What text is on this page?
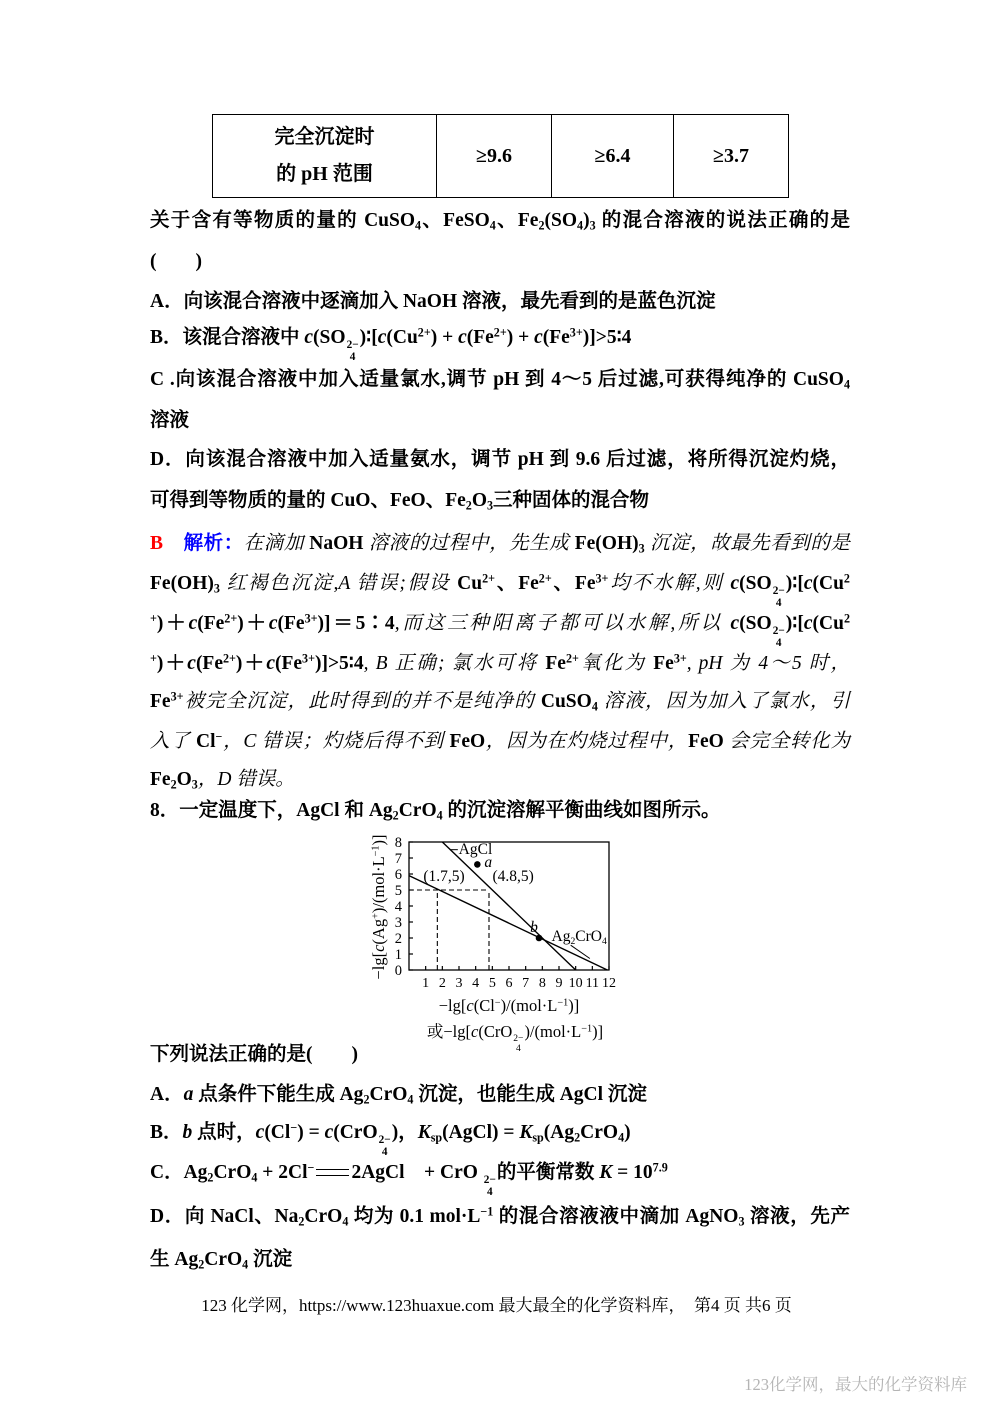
完全沉淀时
的 pH 范围
≥9.6	≥6.4	≥3.7
关于含有等物质的量的 CuSO$_4$、FeSO$_4$、$Fe_2(SO_4)_3$ 的混合溶液的说法正确的是
(　　)
A．向该混合溶液中逐滴加入 NaOH 溶液，最先看到的是蓝色沉淀
B．该混合溶液中 c(SO 2−
4
)$∶[c(Cu^{2+}) + c(Fe^{2+})$ + $c(Fe^{3+})]>5∶4$
C .向该混合溶液中加入适量氯水,调节 pH 到 4～5 后过滤,可获得纯净的 CuSO$_4$
溶液
D．向该混合溶液中加入适量氨水，调节 pH 到 9.6 后过滤，将所得沉淀灼烧，
可得到等物质的量的 CuO、FeO、$Fe_2O_3$三种固体的混合物
B　 解析：在滴加 NaOH 溶液的过程中，先生成 $Fe(OH)_3$ 沉淀，故最先看到的是
$Fe(OH)_3$ 红褐色沉淀,A 错误;假设 $Cu^{2+}$、$Fe^{2+}$、$Fe^{3+}$均不水解,则 c(SO 2−
4
)∶[c(Cu$^2$
$^+)+c(Fe^{2+})+c(Fe^{3+})]=5∶4$,而这三种阳离子都可以水解,所以 c(SO 2−
4
)∶[c(Cu$^2$
$^+)+c(Fe^{2+})+c(Fe^{3+})]>5∶4$, B 正确; 氯水可将 $Fe^{2+}$氧化为 $Fe^{3+}$, pH 为 4～5 时，
$Fe^{3+}$被完全沉淀，此时得到的并不是纯净的 CuSO$_4$ 溶液，因为加入了氯水，引
入了 Cl−，C 错误；灼烧后得不到 FeO，因为在灼烧过程中，FeO 会完全转化为
$Fe_2O_3$，D 错误。
8．一定温度下，AgCl 和 $Ag_2CrO_4$ 的沉淀溶解平衡曲线如图所示。
下列说法正确的是(　　)
A．a 点条件下能生成 $Ag_2CrO_4$ 沉淀，也能生成 AgCl 沉淀
B．b 点时，c(Cl−) = c(CrO 2−
4
)，$K_{sp}(AgCl) = K_{sp}(Ag_2CrO_4)$
C．$Ag_2CrO_4 + 2Cl^-$ 2AgCl　+ CrO 2−
4
的平衡常数 $K = 10^{7.9}$
D．向 NaCl、$Na_2CrO_4$ 均为 0.1 $mol\cdot L^{-1}$ 的混合溶液液中滴加 AgNO$_3$ 溶液，先产
生 $Ag_2CrO_4$ 沉淀
$-\lg[c(Ag^+)/(mol\cdot L^{-1})]$
$-\lg[c(Cl^-)/(mol\cdot L^{-1})]$
或−lg[c(CrO 2−
4
)$/(mol\cdot L^{-1})$]
1 2 3 4 5 6 7 8 9 10 11 12
0
1
2
3
4
5
6
7
8	AgCl
a
(1.7,5) (4.8,5)
b
$Ag_2CrO_4$
123 化学网，https://www.123huaxue.com 最大最全的化学资料库，　第4 页 共6 页
123化学网，最大的化学资料库
